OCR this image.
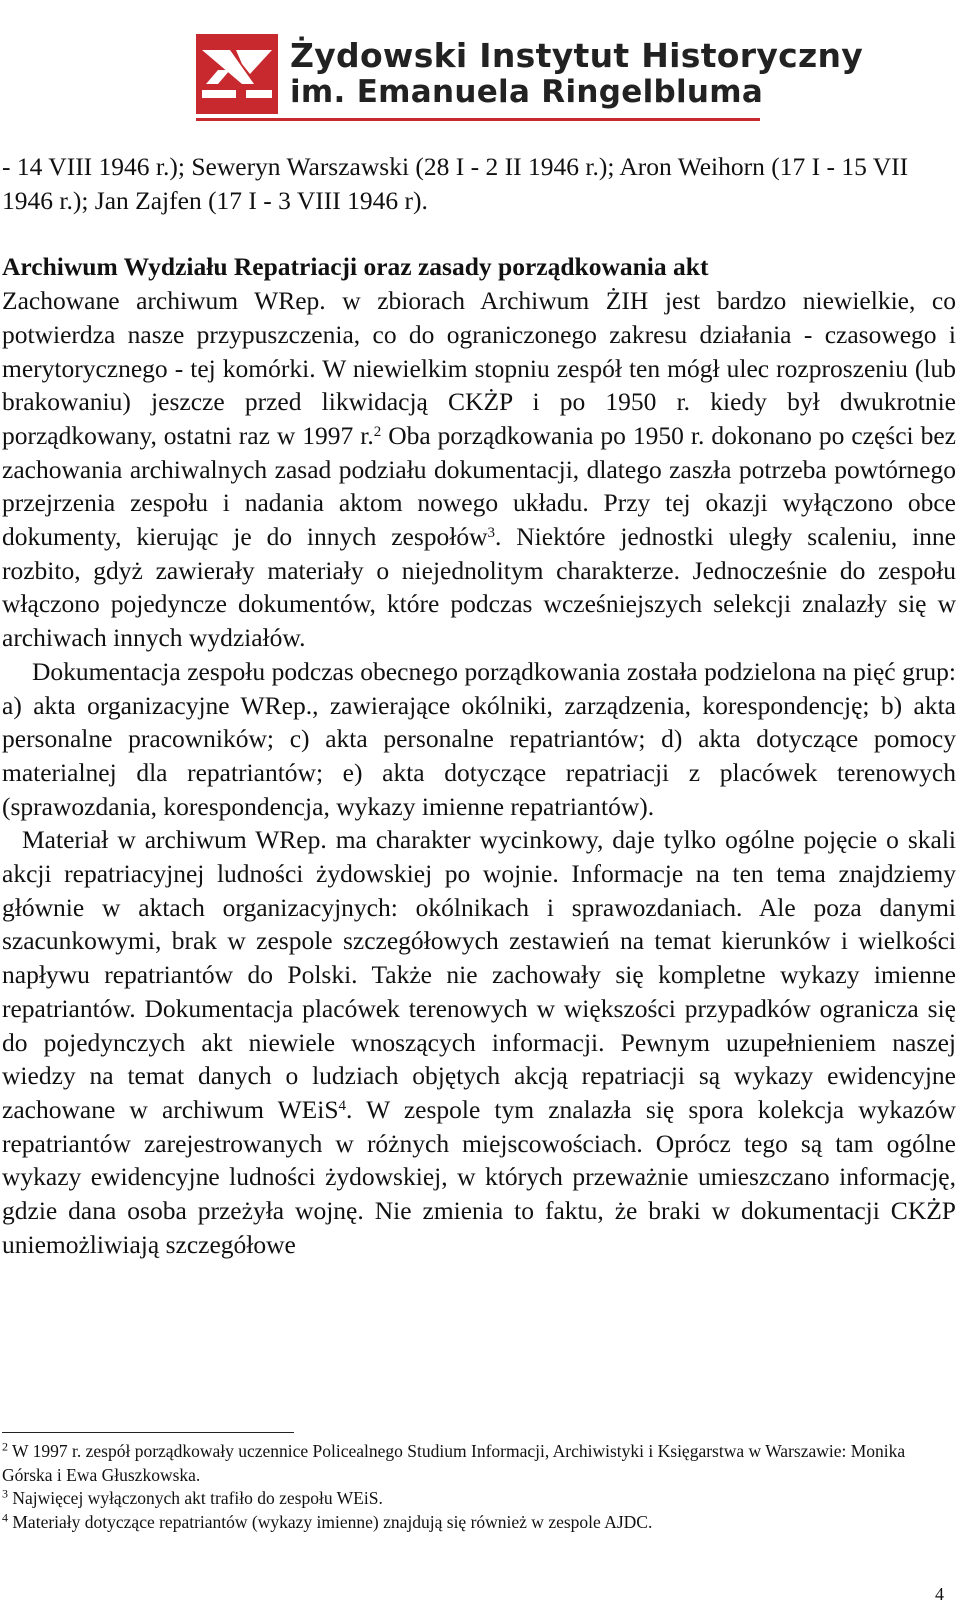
Żydowski Instytut Historyczny
im. Emanuela Ringelbluma

- 14 VIII 1946 r.); Seweryn Warszawski (28 I - 2 II 1946 r.); Aron Weihorn (17 I - 15 VII 1946 r.); Jan Zajfen (17 I - 3 VIII 1946 r).

Archiwum Wydziału Repatriacji oraz zasady porządkowania akt

Zachowane archiwum WRep. w zbiorach Archiwum ŻIH jest bardzo niewielkie, co potwierdza nasze przypuszczenia, co do ograniczonego zakresu działania - czasowego i merytorycznego - tej komórki. W niewielkim stopniu zespół ten mógł ulec rozproszeniu (lub brakowaniu) jeszcze przed likwidacją CKŻP i po 1950 r. kiedy był dwukrotnie porządkowany, ostatni raz w 1997 r.$^2$ Oba porządkowania po 1950 r. dokonano po części bez zachowania archiwalnych zasad podziału dokumentacji, dlatego zaszła potrzeba powtórnego przejrzenia zespołu i nadania aktom nowego układu. Przy tej okazji wyłączono obce dokumenty, kierując je do innych zespołów$^3$. Niektóre jednostki uległy scaleniu, inne rozbito, gdyż zawierały materiały o niejednolitym charakterze. Jednocześnie do zespołu włączono pojedyncze dokumentów, które podczas wcześniejszych selekcji znalazły się w archiwach innych wydziałów.

Dokumentacja zespołu podczas obecnego porządkowania została podzielona na pięć grup: a) akta organizacyjne WRep., zawierające okólniki, zarządzenia, korespondencję; b) akta personalne pracowników; c) akta personalne repatriantów; d) akta dotyczące pomocy materialnej dla repatriantów; e) akta dotyczące repatriacji z placówek terenowych (sprawozdania, korespondencja, wykazy imienne repatriantów).

Materiał w archiwum WRep. ma charakter wycinkowy, daje tylko ogólne pojęcie o skali akcji repatriacyjnej ludności żydowskiej po wojnie. Informacje na ten tema znajdziemy głównie w aktach organizacyjnych: okólnikach i sprawozdaniach. Ale poza danymi szacunkowymi, brak w zespole szczegółowych zestawień na temat kierunków i wielkości napływu repatriantów do Polski. Także nie zachowały się kompletne wykazy imienne repatriantów. Dokumentacja placówek terenowych w większości przypadków ogranicza się do pojedynczych akt niewiele wnoszących informacji. Pewnym uzupełnieniem naszej wiedzy na temat danych o ludziach objętych akcją repatriacji są wykazy ewidencyjne zachowane w archiwum WEiS$^4$. W zespole tym znalazła się spora kolekcja wykazów repatriantów zarejestrowanych w różnych miejscowościach. Oprócz tego są tam ogólne wykazy ewidencyjne ludności żydowskiej, w których przeważnie umieszczano informację, gdzie dana osoba przeżyła wojnę. Nie zmienia to faktu, że braki w dokumentacji CKŻP uniemożliwiają szczegółowe

$^2$ W 1997 r. zespół porządkowały uczennice Policealnego Studium Informacji, Archiwistyki i Księgarstwa w Warszawie: Monika Górska i Ewa Głuszkowska.

$^3$ Najwięcej wyłączonych akt trafiło do zespołu WEiS.

$^4$ Materiały dotyczące repatriantów (wykazy imienne) znajdują się również w zespole AJDC.

4
